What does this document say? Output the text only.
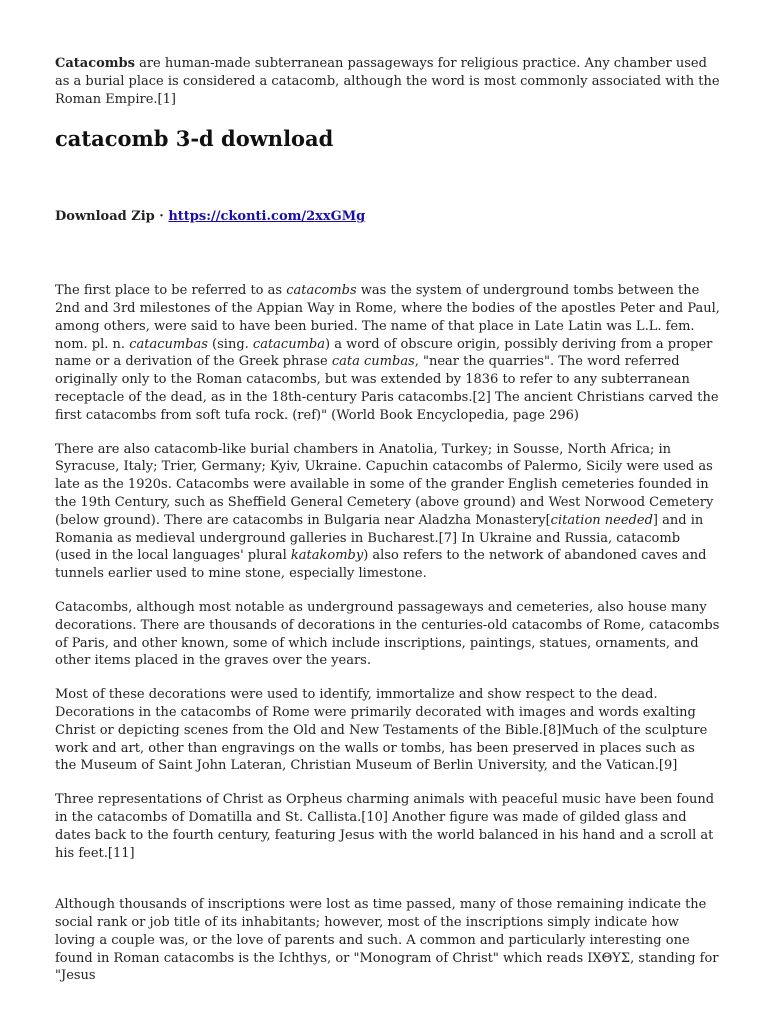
Catacombs are human-made subterranean passageways for religious practice. Any chamber used as a burial place is considered a catacomb, although the word is most commonly associated with the Roman Empire.[1]

catacomb 3-d download

Download Zip · https://ckonti.com/2xxGMg

The first place to be referred to as catacombs was the system of underground tombs between the 2nd and 3rd milestones of the Appian Way in Rome, where the bodies of the apostles Peter and Paul, among others, were said to have been buried. The name of that place in Late Latin was L.L. fem. nom. pl. n. catacumbas (sing. catacumba) a word of obscure origin, possibly deriving from a proper name or a derivation of the Greek phrase cata cumbas, "near the quarries". The word referred originally only to the Roman catacombs, but was extended by 1836 to refer to any subterranean receptacle of the dead, as in the 18th-century Paris catacombs.[2] The ancient Christians carved the first catacombs from soft tufa rock. (ref)" (World Book Encyclopedia, page 296)

There are also catacomb-like burial chambers in Anatolia, Turkey; in Sousse, North Africa; in Syracuse, Italy; Trier, Germany; Kyiv, Ukraine. Capuchin catacombs of Palermo, Sicily were used as late as the 1920s. Catacombs were available in some of the grander English cemeteries founded in the 19th Century, such as Sheffield General Cemetery (above ground) and West Norwood Cemetery (below ground). There are catacombs in Bulgaria near Aladzha Monastery[citation needed] and in Romania as medieval underground galleries in Bucharest.[7] In Ukraine and Russia, catacomb (used in the local languages' plural katakomby) also refers to the network of abandoned caves and tunnels earlier used to mine stone, especially limestone.

Catacombs, although most notable as underground passageways and cemeteries, also house many decorations. There are thousands of decorations in the centuries-old catacombs of Rome, catacombs of Paris, and other known, some of which include inscriptions, paintings, statues, ornaments, and other items placed in the graves over the years.

Most of these decorations were used to identify, immortalize and show respect to the dead. Decorations in the catacombs of Rome were primarily decorated with images and words exalting Christ or depicting scenes from the Old and New Testaments of the Bible.[8]Much of the sculpture work and art, other than engravings on the walls or tombs, has been preserved in places such as the Museum of Saint John Lateran, Christian Museum of Berlin University, and the Vatican.[9]

Three representations of Christ as Orpheus charming animals with peaceful music have been found in the catacombs of Domatilla and St. Callista.[10] Another figure was made of gilded glass and dates back to the fourth century, featuring Jesus with the world balanced in his hand and a scroll at his feet.[11]

Although thousands of inscriptions were lost as time passed, many of those remaining indicate the social rank or job title of its inhabitants; however, most of the inscriptions simply indicate how loving a couple was, or the love of parents and such. A common and particularly interesting one found in Roman catacombs is the Ichthys, or "Monogram of Christ" which reads ΙΧΘΥΣ, standing for "Jesus
